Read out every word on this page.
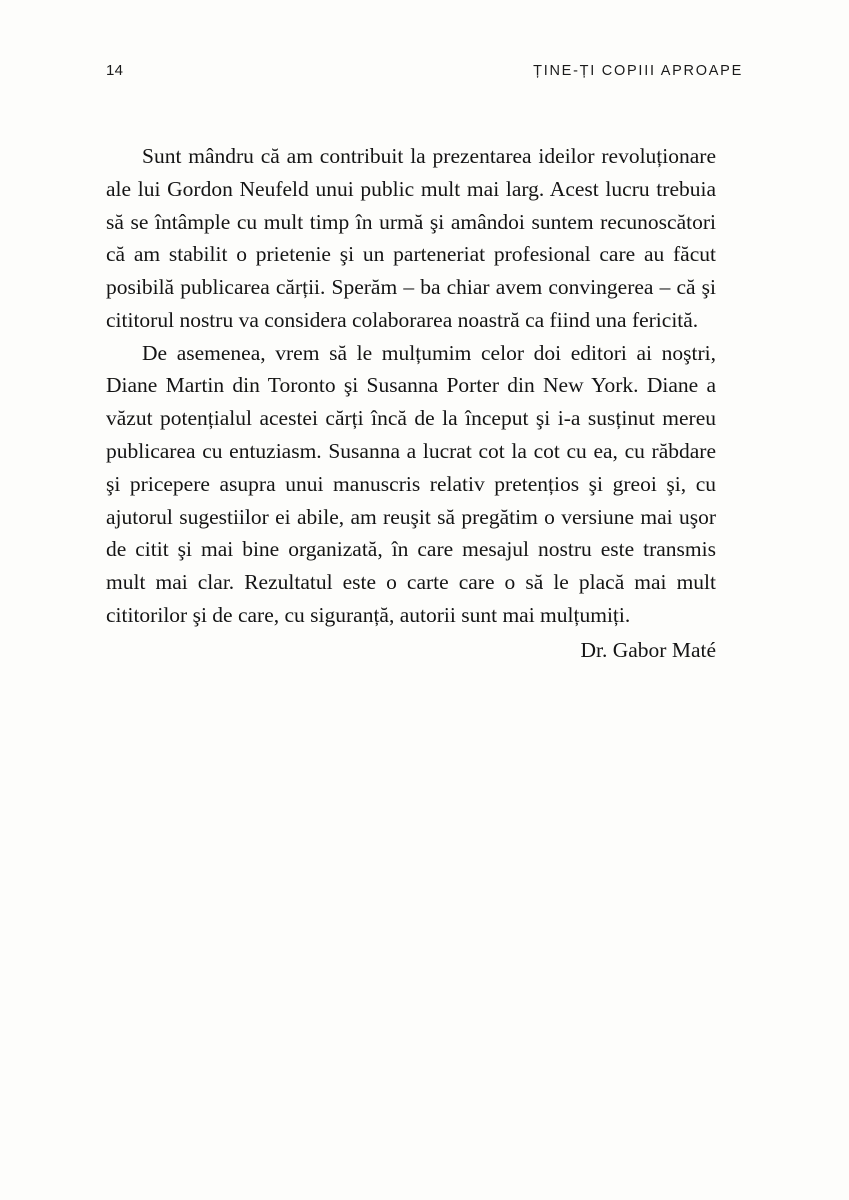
14	ȚINE-ȚI COPIII APROAPE

Sunt mândru că am contribuit la prezentarea ideilor revoluționare ale lui Gordon Neufeld unui public mult mai larg. Acest lucru trebuia să se întâmple cu mult timp în urmă şi amândoi suntem recunoscători că am stabilit o prietenie şi un parteneriat profesional care au făcut posibilă publicarea cărții. Sperăm – ba chiar avem convingerea – că şi cititorul nostru va considera colaborarea noastră ca fiind una fericită.

De asemenea, vrem să le mulțumim celor doi editori ai noştri, Diane Martin din Toronto şi Susanna Porter din New York. Diane a văzut potențialul acestei cărți încă de la început şi i-a susținut mereu publicarea cu entuziasm. Susanna a lucrat cot la cot cu ea, cu răbdare şi pricepere asupra unui manuscris relativ pretențios şi greoi şi, cu ajutorul sugestiilor ei abile, am reuşit să pregătim o versiune mai uşor de citit şi mai bine organizată, în care mesajul nostru este transmis mult mai clar. Rezultatul este o carte care o să le placă mai mult cititorilor şi de care, cu siguranță, autorii sunt mai mulțumiți.

Dr. Gabor Maté
